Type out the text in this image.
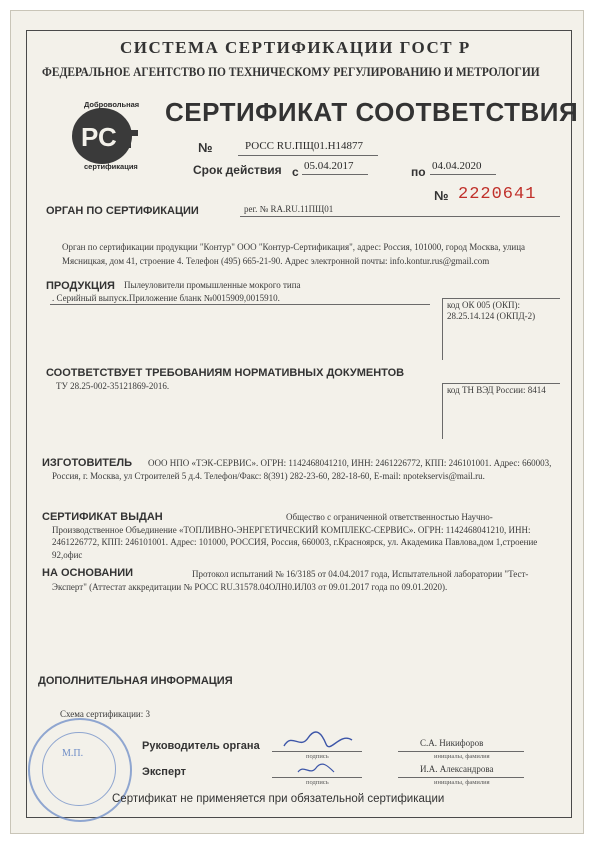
СИСТЕМА СЕРТИФИКАЦИИ ГОСТ Р
ФЕДЕРАЛЬНОЕ АГЕНТСТВО ПО ТЕХНИЧЕСКОМУ РЕГУЛИРОВАНИЮ И МЕТРОЛОГИИ
P C
Добровольная
сертификация
СЕРТИФИКАТ СООТВЕТСТВИЯ
№	РОСС RU.ПЩ01.Н14877
Срок действия с 05.04.2017	по 04.04.2020
№ 2220641
ОРГАН ПО СЕРТИФИКАЦИИ	рег. № RA.RU.11ПЩ01
Орган по сертификации продукции "Контур" ООО "Контур-Сертификация", адрес: Россия, 101000, город Москва, улица Мясницкая, дом 41, строение 4. Телефон (495) 665-21-90. Адрес электронной почты: info.kontur.rus@gmail.com
ПРОДУКЦИЯ Пылеуловители промышленные мокрого типа
. Серийный выпуск.Приложение бланк №0015909,0015910.
код ОК 005 (ОКП): 28.25.14.124 (ОКПД-2)
СООТВЕТСТВУЕТ ТРЕБОВАНИЯМ НОРМАТИВНЫХ ДОКУМЕНТОВ
ТУ 28.25-002-35121869-2016.	код ТН ВЭД России: 8414
ИЗГОТОВИТЕЛЬ	ООО НПО «ТЭК-СЕРВИС». ОГРН: 1142468041210, ИНН: 2461226772, КПП: 246101001. Адрес: 660003, Россия, г. Москва, ул Строителей 5 д.4. Телефон/Факс: 8(391) 282-23-60, 282-18-60, E-mail: npotekservis@mail.ru.
СЕРТИФИКАТ ВЫДАН	Общество с ограниченной ответственностью Научно-Производственное Объединение «ТОПЛИВНО-ЭНЕРГЕТИЧЕСКИЙ КОМПЛЕКС-СЕРВИС». ОГРН: 1142468041210, ИНН: 2461226772, КПП: 246101001. Адрес: 101000, РОССИЯ, Россия, 660003, г.Красноярск, ул. Академика Павлова,дом 1,строение 92,офис
НА ОСНОВАНИИ	Протокол испытаний № 16/3185 от 04.04.2017 года, Испытательной лаборатории "Тест-Эксперт" (Аттестат аккредитации № РОСС RU.31578.04ОЛН0.ИЛ03 от 09.01.2017 года по 09.01.2020).
ДОПОЛНИТЕЛЬНАЯ ИНФОРМАЦИЯ
Схема сертификации: 3
М.П.
Руководитель органа
подпись
С.А. Никифоров
инициалы, фамилия
Эксперт
подпись
И.А. Александрова
инициалы, фамилия
Сертификат не применяется при обязательной сертификации
